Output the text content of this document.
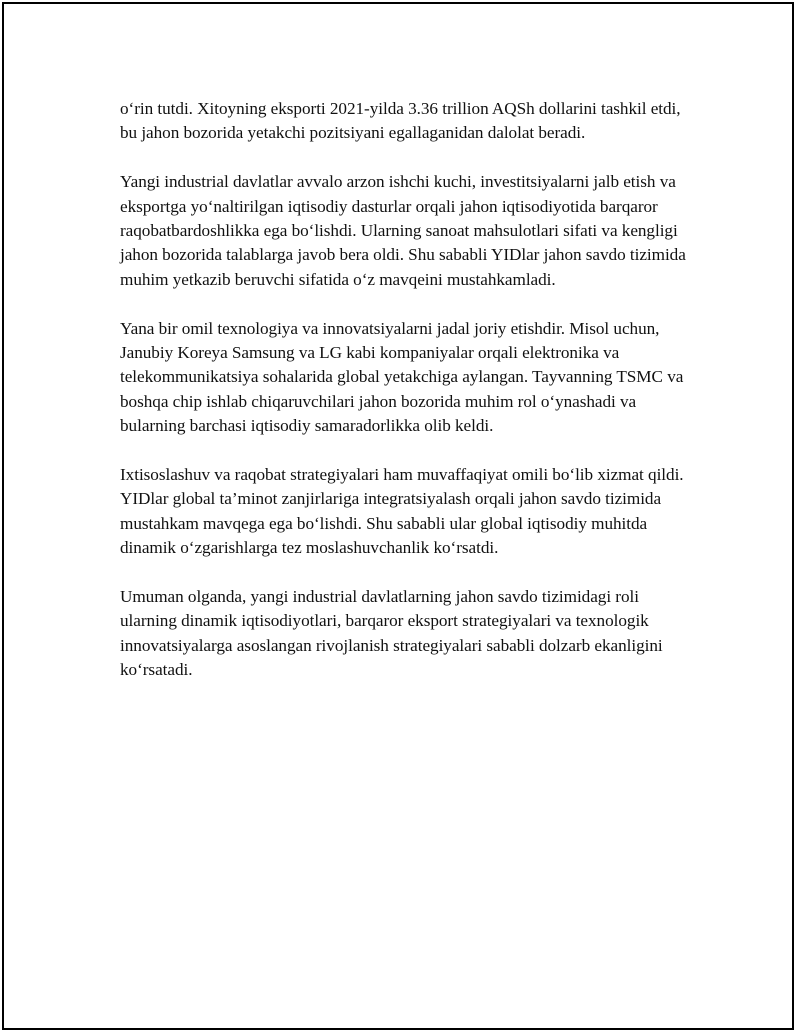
o‘rin tutdi. Xitoyning eksporti 2021-yilda 3.36 trillion AQSh dollarini tashkil etdi, bu jahon bozorida yetakchi pozitsiyani egallaganidan dalolat beradi.

Yangi industrial davlatlar avvalo arzon ishchi kuchi, investitsiyalarni jalb etish va eksportga yo‘naltirilgan iqtisodiy dasturlar orqali jahon iqtisodiyotida barqaror raqobatbardoshlikka ega bo‘lishdi. Ularning sanoat mahsulotlari sifati va kengligi jahon bozorida talablarga javob bera oldi. Shu sababli YIDlar jahon savdo tizimida muhim yetkazib beruvchi sifatida o‘z mavqeini mustahkamladi.

Yana bir omil texnologiya va innovatsiyalarni jadal joriy etishdir. Misol uchun, Janubiy Koreya Samsung va LG kabi kompaniyalar orqali elektronika va telekommunikatsiya sohalarida global yetakchiga aylangan. Tayvanning TSMC va boshqa chip ishlab chiqaruvchilari jahon bozorida muhim rol o‘ynashadi va bularning barchasi iqtisodiy samaradorlikka olib keldi.

Ixtisoslashuv va raqobat strategiyalari ham muvaffaqiyat omili bo‘lib xizmat qildi. YIDlar global ta’minot zanjirlariga integratsiyalash orqali jahon savdo tizimida mustahkam mavqega ega bo‘lishdi. Shu sababli ular global iqtisodiy muhitda dinamik o‘zgarishlarga tez moslashuvchanlik ko‘rsatdi.

Umuman olganda, yangi industrial davlatlarning jahon savdo tizimidagi roli ularning dinamik iqtisodiyotlari, barqaror eksport strategiyalari va texnologik innovatsiyalarga asoslangan rivojlanish strategiyalari sababli dolzarb ekanligini ko‘rsatadi.
